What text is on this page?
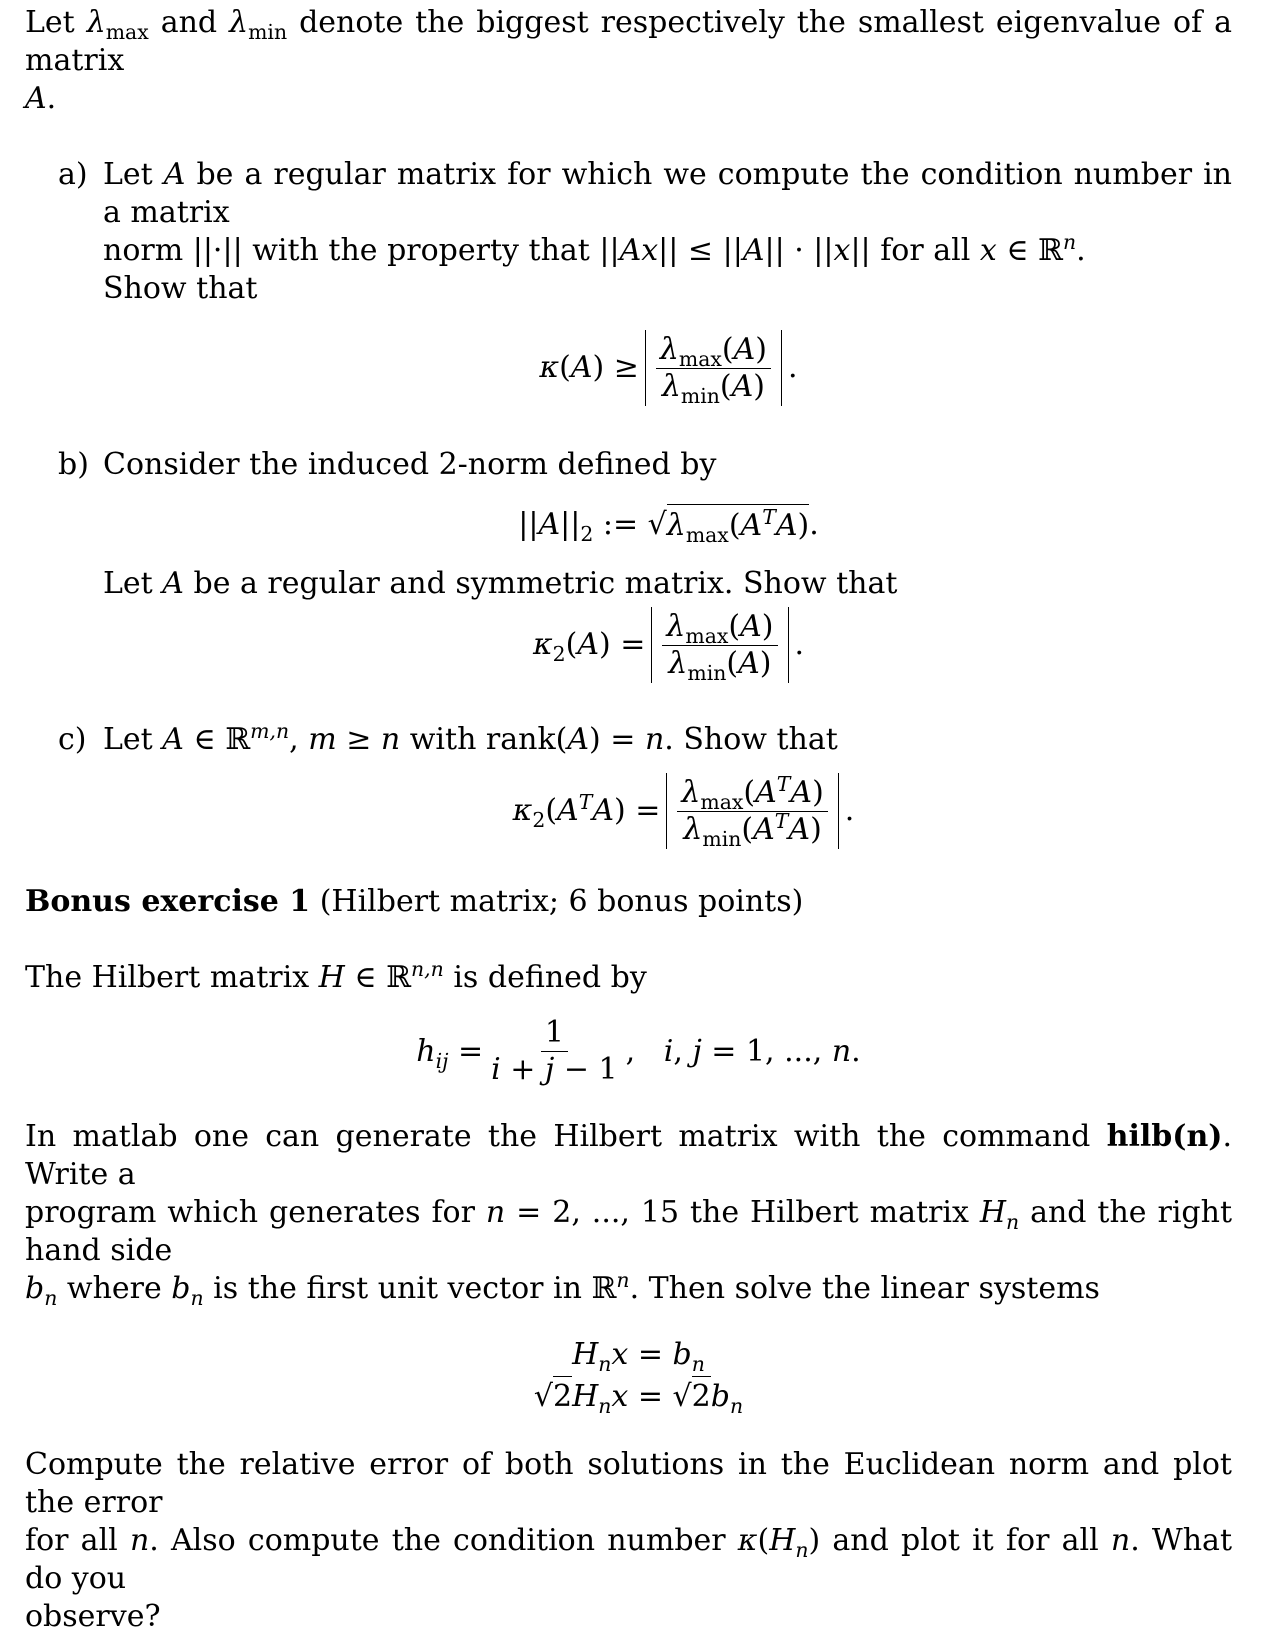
Let $\lambda_{max}$ and $\lambda_{min}$ denote the biggest respectively the smallest eigenvalue of a matrix
A.
a) Let A be a regular matrix for which we compute the condition number in a matrix
norm ||·|| with the property that ||Ax|| ≤ ||A|| · ||x|| for all x ∈ ℝ$^n$.
Show that
$\kappa(A) \ge \frac{\lambda_{max}(A)}{\lambda_{min}(A)}$ .
b) Consider the induced 2-norm defined by
$||A||_2$ := √ $\lambda_{max}(A^TA)$ .
Let A be a regular and symmetric matrix. Show that
$\kappa_2(A) = \frac{\lambda_{max}(A)}{\lambda_{min}(A)}$ .
c) Let A ∈ ℝ$^{m,n}$, m ≥ n with rank(A) = n. Show that
$\kappa_2(A^TA) = \frac{\lambda_{max}(A^TA)}{\lambda_{min}(A^TA)}$ .
Bonus exercise 1 (Hilbert matrix; 6 bonus points)
The Hilbert matrix H ∈ ℝ$^{n,n}$ is defined by
$h_{ij} = \frac{1}{i + j - 1}$ ,   i, j = 1, ..., n.
In matlab one can generate the Hilbert matrix with the command hilb(n). Write a
program which generates for n = 2, ..., 15 the Hilbert matrix $H_n$ and the right hand side
$b_n$ where $b_n$ is the first unit vector in ℝ$^n$. Then solve the linear systems
$H_nx = b_n$
$√2H_nx = √2b_n$
Compute the relative error of both solutions in the Euclidean norm and plot the error
for all n. Also compute the condition number $\kappa(H_n)$ and plot it for all n. What do you
observe?
